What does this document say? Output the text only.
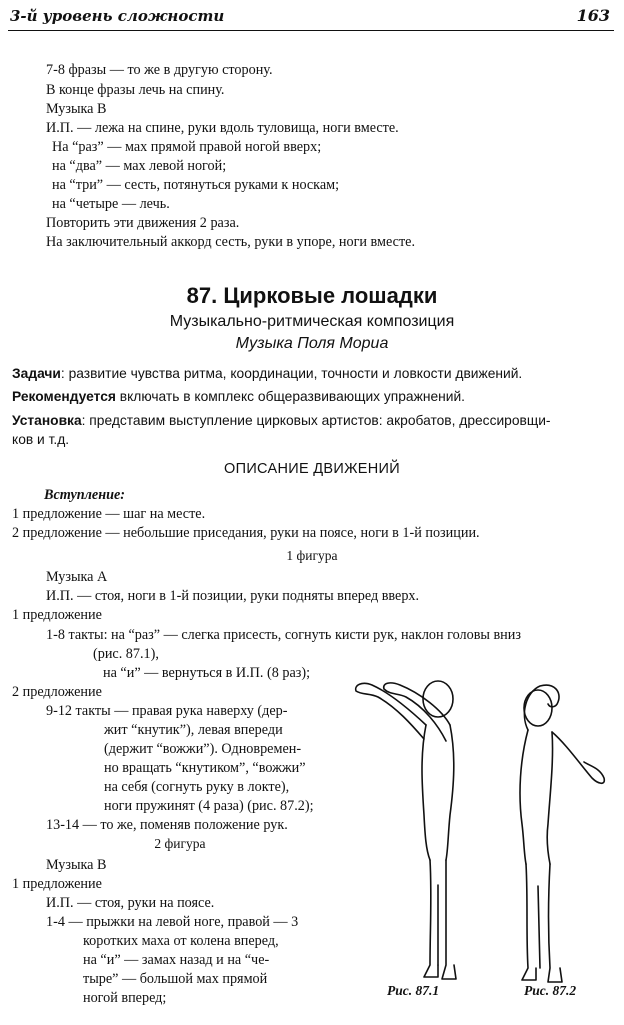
3-й уровень сложности	163
7-8 фразы — то же в другую сторону.
В конце фразы лечь на спину.
Музыка В
И.П. — лежа на спине, руки вдоль туловища, ноги вместе.
На “раз” — мах прямой правой ногой вверх;
на “два” — мах левой ногой;
на “три” — сесть, потянуться руками к носкам;
на “четыре — лечь.
Повторить эти движения 2 раза.
На заключительный аккорд сесть, руки в упоре, ноги вместе.
87. Цирковые лошадки
Музыкально-ритмическая композиция
Музыка Поля Мориа
Задачи: развитие чувства ритма, координации, точности и ловкости движений.
Рекомендуется включать в комплекс общеразвивающих упражнений.
Установка: представим выступление цирковых артистов: акробатов, дрессировщи-
ков и т.д.
ОПИСАНИЕ ДВИЖЕНИЙ
Вступление:
1 предложение — шаг на месте.
2 предложение — небольшие приседания, руки на поясе, ноги в 1-й позиции.
1 фигура
Музыка А
И.П. — стоя, ноги в 1-й позиции, руки подняты вперед вверх.
1 предложение
1-8 такты: на “раз” — слегка присесть, согнуть кисти рук, наклон головы вниз
(рис. 87.1),
на “и” — вернуться в И.П. (8 раз);
2 предложение
9-12 такты — правая рука наверху (дер-
жит “кнутик”), левая впереди
(держит “вожжи”). Одновремен-
но вращать “кнутиком”, “вожжи”
на себя (согнуть руку в локте),
ноги пружинят (4 раза) (рис. 87.2);
13-14 — то же, поменяв положение рук.
2 фигура
Музыка В
1 предложение
И.П. — стоя, руки на поясе.
1-4 — прыжки на левой ноге, правой — 3
коротких маха от колена вперед,
на “и” — замах назад и на “че-
тыре” — большой мах прямой
ногой вперед;	Рис. 87.1	Рис. 87.2
